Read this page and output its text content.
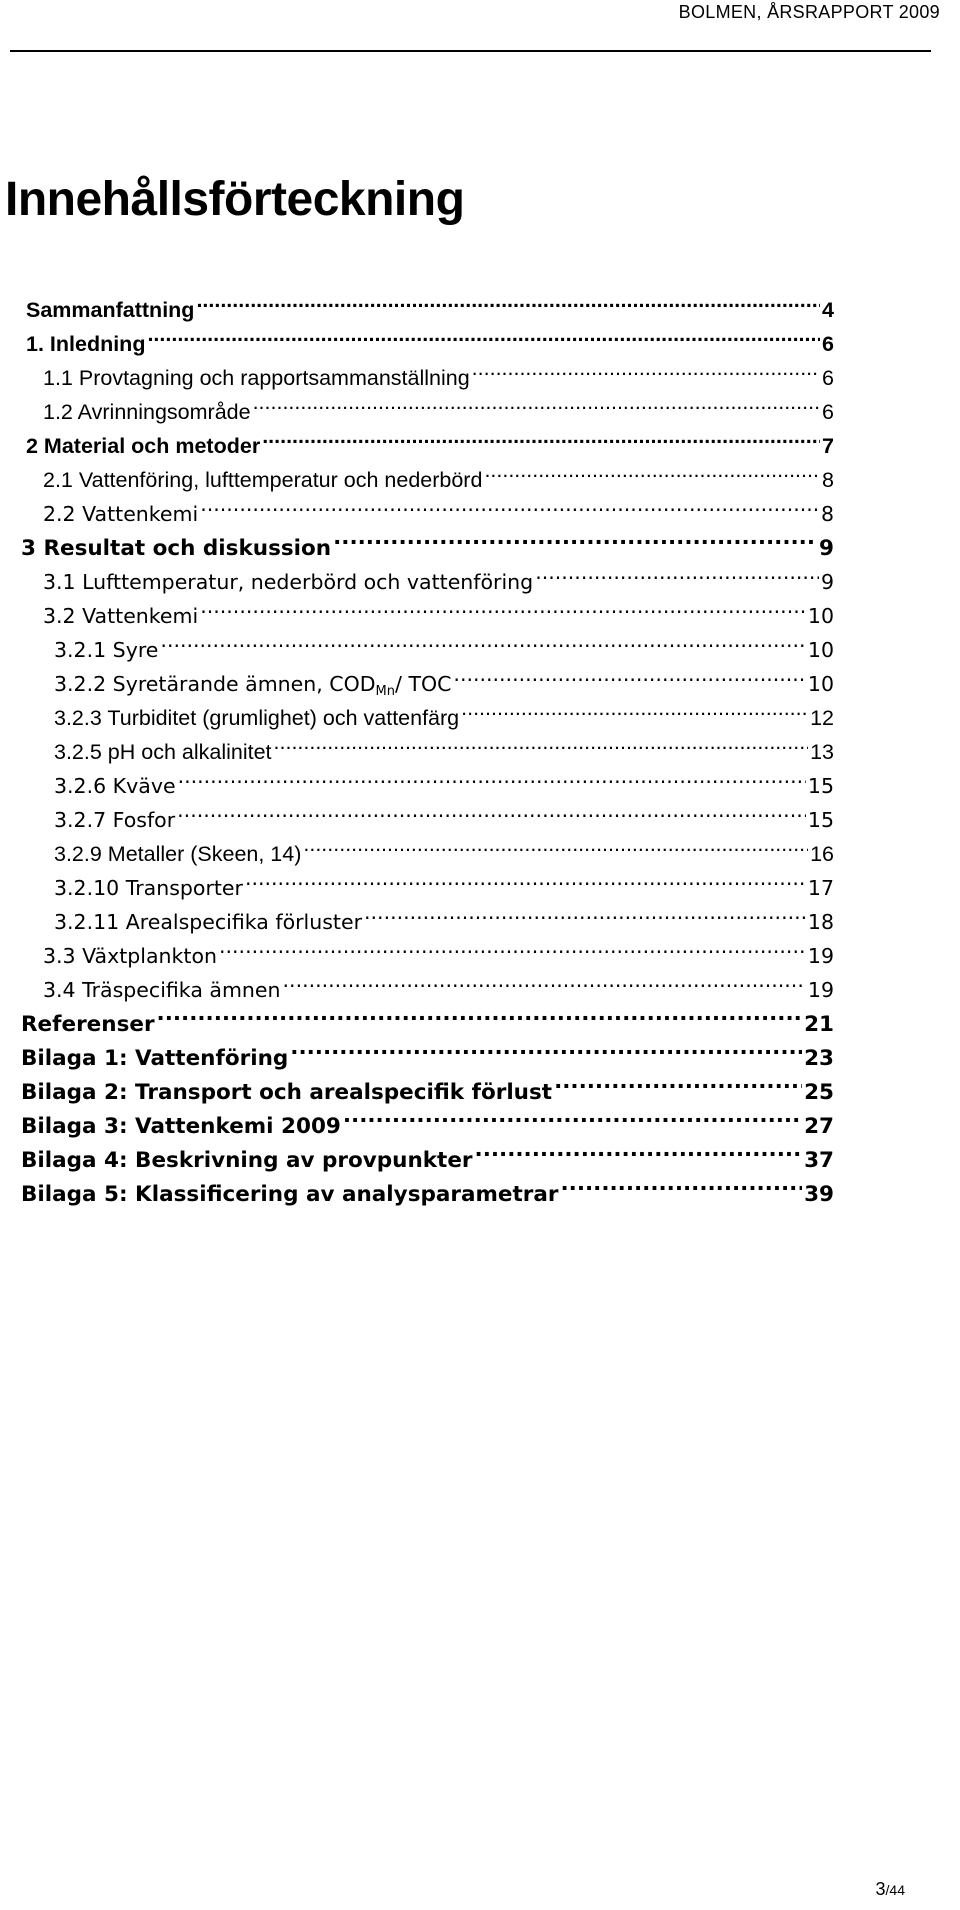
BOLMEN, ÅRSRAPPORT 2009
Innehållsförteckning
Sammanfattning .....	4
1. Inledning .....	6
1.1 Provtagning och rapportsammanställning .....	6
1.2 Avrinningsområde .....	6
2 Material och metoder .....	7
2.1 Vattenföring, lufttemperatur och nederbörd .....	8
2.2 Vattenkemi .....	8
3 Resultat och diskussion .....	9
3.1 Lufttemperatur, nederbörd och vattenföring .....	9
3.2 Vattenkemi .....	10
3.2.1 Syre .....	10
3.2.2 Syretärande ämnen, $COD_{Mn}/$ TOC .....	10
3.2.3 Turbiditet (grumlighet) och vattenfärg .....	12
3.2.5 pH och alkalinitet .....	13
3.2.6 Kväve .....	15
3.2.7 Fosfor .....	15
3.2.9 Metaller (Skeen, 14) .....	16
3.2.10 Transporter .....	17
3.2.11 Arealspecifika förluster .....	18
3.3 Växtplankton .....	19
3.4 Träspecifika ämnen .....	19
Referenser .....	21
Bilaga 1: Vattenföring .....	23
Bilaga 2: Transport och arealspecifik förlust .....	25
Bilaga 3: Vattenkemi 2009 .....	27
Bilaga 4: Beskrivning av provpunkter .....	37
Bilaga 5: Klassificering av analysparametrar .....	39
3/44
